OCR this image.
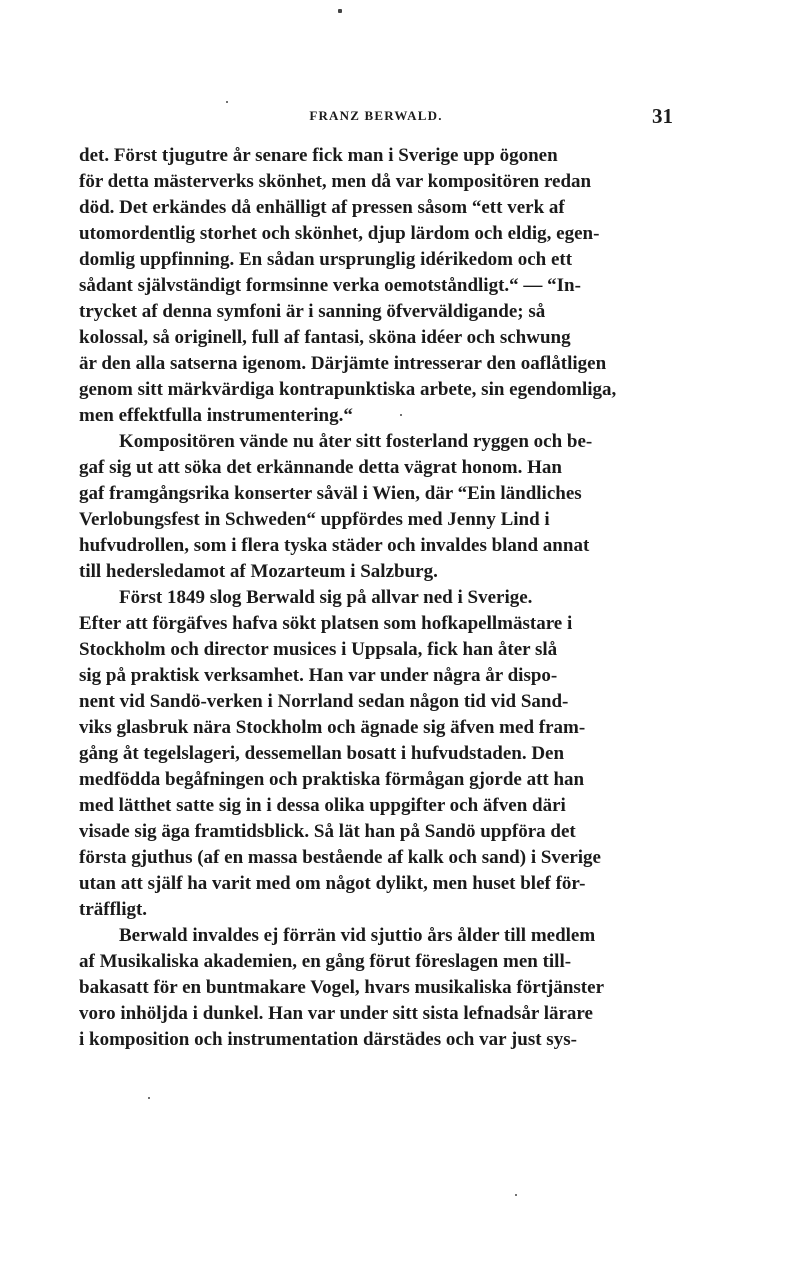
FRANZ BERWALD.	31

det. Först tjugutre år senare fick man i Sverige upp ögonen
för detta mästerverks skönhet, men då var kompositören redan
död. Det erkändes då enhälligt af pressen såsom “ett verk af
utomordentlig storhet och skönhet, djup lärdom och eldig, egen-
domlig uppfinning. En sådan ursprunglig idérikedom och ett
sådant självständigt formsinne verka oemotståndligt.“ — “In-
trycket af denna symfoni är i sanning öfverväldigande; så
kolossal, så originell, full af fantasi, sköna idéer och schwung
är den alla satserna igenom. Därjämte intresserar den oaflåtligen
genom sitt märkvärdiga kontrapunktiska arbete, sin egendomliga,
men effektfulla instrumentering.“

Kompositören vände nu åter sitt fosterland ryggen och be-
gaf sig ut att söka det erkännande detta vägrat honom. Han
gaf framgångsrika konserter såväl i Wien, där “Ein ländliches
Verlobungsfest in Schweden“ uppfördes med Jenny Lind i
hufvudrollen, som i flera tyska städer och invaldes bland annat
till hedersledamot af Mozarteum i Salzburg.

Först 1849 slog Berwald sig på allvar ned i Sverige.
Efter att förgäfves hafva sökt platsen som hofkapellmästare i
Stockholm och director musices i Uppsala, fick han åter slå
sig på praktisk verksamhet. Han var under några år dispo-
nent vid Sandö-verken i Norrland sedan någon tid vid Sand-
viks glasbruk nära Stockholm och ägnade sig äfven med fram-
gång åt tegelslageri, dessemellan bosatt i hufvudstaden. Den
medfödda begåfningen och praktiska förmågan gjorde att han
med lätthet satte sig in i dessa olika uppgifter och äfven däri
visade sig äga framtidsblick. Så lät han på Sandö uppföra det
första gjuthus (af en massa bestående af kalk och sand) i Sverige
utan att själf ha varit med om något dylikt, men huset blef för-
träffligt.

Berwald invaldes ej förrän vid sjuttio års ålder till medlem
af Musikaliska akademien, en gång förut föreslagen men till-
bakasatt för en buntmakare Vogel, hvars musikaliska förtjänster
voro inhöljda i dunkel. Han var under sitt sista lefnadsår lärare
i komposition och instrumentation därstädes och var just sys-
